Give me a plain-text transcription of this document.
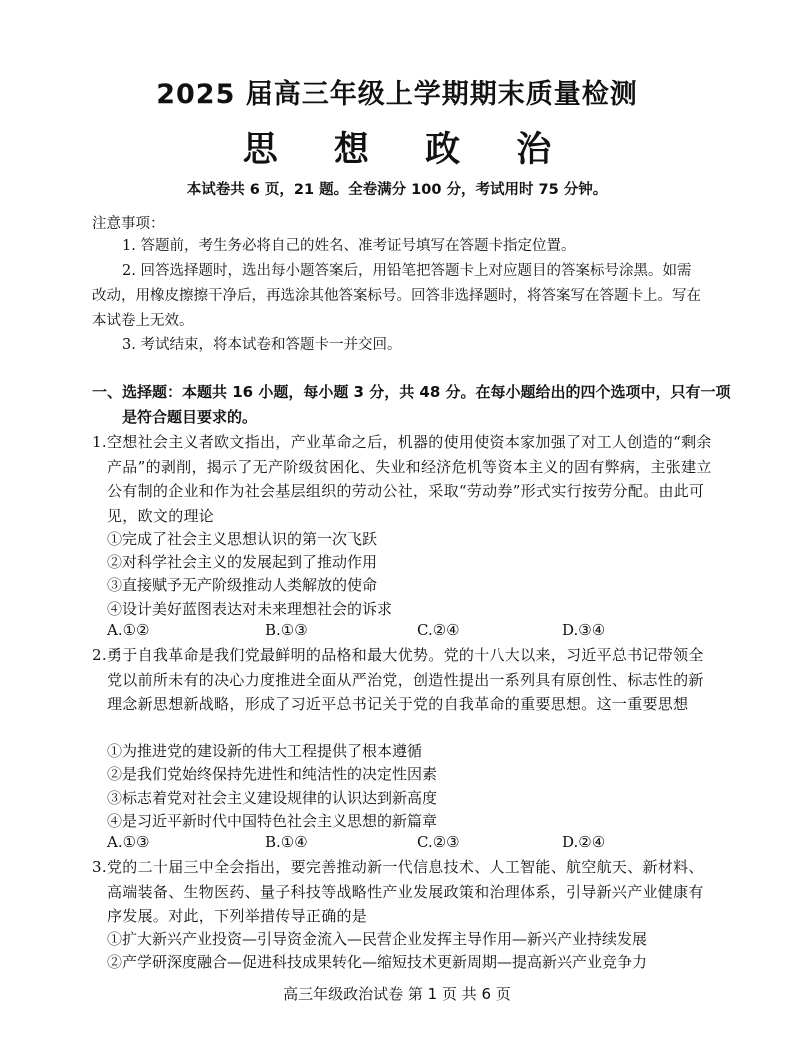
2025 届高三年级上学期期末质量检测
思 想 政 治
本试卷共 6 页，21 题。全卷满分 100 分，考试用时 75 分钟。
注意事项：
1. 答题前，考生务必将自己的姓名、准考证号填写在答题卡指定位置。
2. 回答选择题时，选出每小题答案后，用铅笔把答题卡上对应题目的答案标号涂黑。如需改动，用橡皮擦擦干净后，再选涂其他答案标号。回答非选择题时，将答案写在答题卡上。写在本试卷上无效。
3. 考试结束，将本试卷和答题卡一并交回。
一、选择题：本题共 16 小题，每小题 3 分，共 48 分。在每小题给出的四个选项中，只有一项是符合题目要求的。
1. 空想社会主义者欧文指出，产业革命之后，机器的使用使资本家加强了对工人创造的“剩余产品”的剥削，揭示了无产阶级贫困化、失业和经济危机等资本主义的固有弊病，主张建立公有制的企业和作为社会基层组织的劳动公社，采取“劳动券”形式实行按劳分配。由此可见，欧文的理论
①完成了社会主义思想认识的第一次飞跃
②对科学社会主义的发展起到了推动作用
③直接赋予无产阶级推动人类解放的使命
④设计美好蓝图表达对未来理想社会的诉求
A.①②	B.①③	C.②④	D.③④
2. 勇于自我革命是我们党最鲜明的品格和最大优势。党的十八大以来，习近平总书记带领全党以前所未有的决心力度推进全面从严治党，创造性提出一系列具有原创性、标志性的新理念新思想新战略，形成了习近平总书记关于党的自我革命的重要思想。这一重要思想
①为推进党的建设新的伟大工程提供了根本遵循
②是我们党始终保持先进性和纯洁性的决定性因素
③标志着党对社会主义建设规律的认识达到新高度
④是习近平新时代中国特色社会主义思想的新篇章
A.①③	B.①④	C.②③	D.②④
3. 党的二十届三中全会指出，要完善推动新一代信息技术、人工智能、航空航天、新材料、高端装备、生物医药、量子科技等战略性产业发展政策和治理体系，引导新兴产业健康有序发展。对此，下列举措传导正确的是
①扩大新兴产业投资—引导资金流入—民营企业发挥主导作用—新兴产业持续发展
②产学研深度融合—促进科技成果转化—缩短技术更新周期—提高新兴产业竞争力
高三年级政治试卷 第 1 页 共 6 页
